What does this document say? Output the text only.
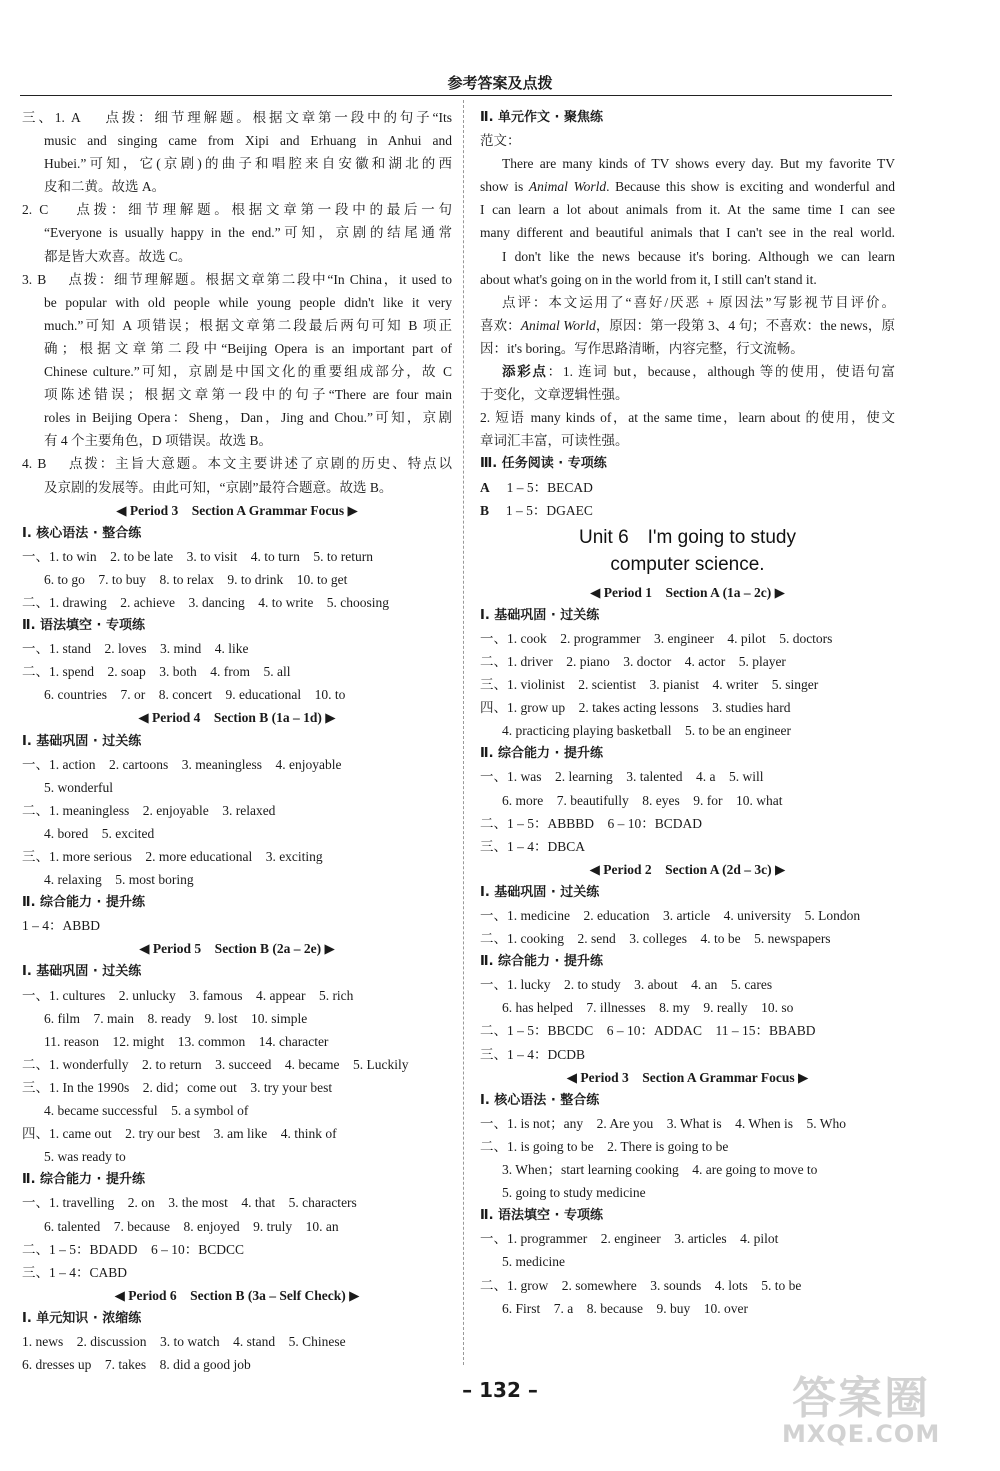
参考答案及点拨
三、1. A　 点拨：细节理解题。根据文章第一段中的句子“Its
music and singing came from Xipi and Erhuang in Anhui and
Hubei.”可知，它(京剧)的曲子和唱腔来自安徽和湖北的西
皮和二黄。故选 A。
2. C　 点拨：细节理解题。根据文章第一段中的最后一句
“Everyone is usually happy in the end.”可知，京剧的结尾通常
都是皆大欢喜。故选 C。
3. B　 点拨：细节理解题。根据文章第二段中“In China，it used to
be popular with old people while young people didn't like it very
much.”可知 A 项错误；根据文章第二段最后两句可知 B 项正
确；根据文章第二段中“Beijing Opera is an important part of
Chinese culture.”可知，京剧是中国文化的重要组成部分，故 C
项陈述错误；根据文章第一段中的句子“There are four main
roles in Beijing Opera：Sheng，Dan，Jing and Chou.”可知，京剧
有 4 个主要角色，D 项错误。故选 B。
4. B　 点拨：主旨大意题。本文主要讲述了京剧的历史、特点以
及京剧的发展等。由此可知，“京剧”最符合题意。故选 B。
◀ Period 3　Section A Grammar Focus ▶
Ⅰ. 核心语法 · 整合练
一、1. to win　2. to be late　3. to visit　4. to turn　5. to return
6. to go　7. to buy　8. to relax　9. to drink　10. to get
二、1. drawing　2. achieve　3. dancing　4. to write　5. choosing
Ⅱ. 语法填空 · 专项练
一、1. stand　2. loves　3. mind　4. like
二、1. spend　2. soap　3. both　4. from　5. all
6. countries　7. or　8. concert　9. educational　10. to
◀ Period 4　Section B (1a – 1d) ▶
Ⅰ. 基础巩固 · 过关练
一、1. action　2. cartoons　3. meaningless　4. enjoyable
5. wonderful
二、1. meaningless　2. enjoyable　3. relaxed
4. bored　5. excited
三、1. more serious　2. more educational　3. exciting
4. relaxing　5. most boring
Ⅱ. 综合能力 · 提升练
1 – 4：ABBD
◀ Period 5　Section B (2a – 2e) ▶
Ⅰ. 基础巩固 · 过关练
一、1. cultures　2. unlucky　3. famous　4. appear　5. rich
6. film　7. main　8. ready　9. lost　10. simple
11. reason　12. might　13. common　14. character
二、1. wonderfully　2. to return　3. succeed　4. became　5. Luckily
三、1. In the 1990s　2. did；come out　3. try your best
4. became successful　5. a symbol of
四、1. came out　2. try our best　3. am like　4. think of
5. was ready to
Ⅱ. 综合能力 · 提升练
一、1. travelling　2. on　3. the most　4. that　5. characters
6. talented　7. because　8. enjoyed　9. truly　10. an
二、1 – 5：BDADD　6 – 10：BCDCC
三、1 – 4：CABD
◀ Period 6　Section B (3a – Self Check) ▶
Ⅰ. 单元知识 · 浓缩练
1. news　2. discussion　3. to watch　4. stand　5. Chinese
6. dresses up　7. takes　8. did a good job
Ⅱ. 单元作文 · 聚焦练
范文：
There are many kinds of TV shows every day. But my favorite TV
show is Animal World. Because this show is exciting and wonderful and
I can learn a lot about animals from it. At the same time I can see
many different and beautiful animals that I can't see in the real world.
I don't like the news because it's boring. Although we can learn
about what's going on in the world from it, I still can't stand it.
点评：本文运用了“喜好/厌恶 + 原因法”写影视节目评价。
喜欢：Animal World，原因：第一段第 3、4 句；不喜欢：the news，原
因：it's boring。写作思路清晰，内容完整，行文流畅。
添彩点：1. 连词 but，because，although 等的使用，使语句富
于变化，文章逻辑性强。
2. 短语 many kinds of，at the same time，learn about 的使用，使文
章词汇丰富，可读性强。
Ⅲ. 任务阅读 · 专项练
A　 1 – 5：BECAD
B　 1 – 5：DGAEC
Unit 6　I'm going to study
computer science.
◀ Period 1　Section A (1a – 2c) ▶
Ⅰ. 基础巩固 · 过关练
一、1. cook　2. programmer　3. engineer　4. pilot　5. doctors
二、1. driver　2. piano　3. doctor　4. actor　5. player
三、1. violinist　2. scientist　3. pianist　4. writer　5. singer
四、1. grow up　2. takes acting lessons　3. studies hard
4. practicing playing basketball　5. to be an engineer
Ⅱ. 综合能力 · 提升练
一、1. was　2. learning　3. talented　4. a　5. will
6. more　7. beautifully　8. eyes　9. for　10. what
二、1 – 5：ABBBD　6 – 10：BCDAD
三、1 – 4：DBCA
◀ Period 2　Section A (2d – 3c) ▶
Ⅰ. 基础巩固 · 过关练
一、1. medicine　2. education　3. article　4. university　5. London
二、1. cooking　2. send　3. colleges　4. to be　5. newspapers
Ⅱ. 综合能力 · 提升练
一、1. lucky　2. to study　3. about　4. an　5. cares
6. has helped　7. illnesses　8. my　9. really　10. so
二、1 – 5：BBCDC　6 – 10：ADDAC　11 – 15：BBABD
三、1 – 4：DCDB
◀ Period 3　Section A Grammar Focus ▶
Ⅰ. 核心语法 · 整合练
一、1. is not；any　2. Are you　3. What is　4. When is　5. Who
二、1. is going to be　2. There is going to be
3. When；start learning cooking　4. are going to move to
5. going to study medicine
Ⅱ. 语法填空 · 专项练
一、1. programmer　2. engineer　3. articles　4. pilot
5. medicine
二、1. grow　2. somewhere　3. sounds　4. lots　5. to be
6. First　7. a　8. because　9. buy　10. over
– 132 –	答案圈
MXQE.COM
